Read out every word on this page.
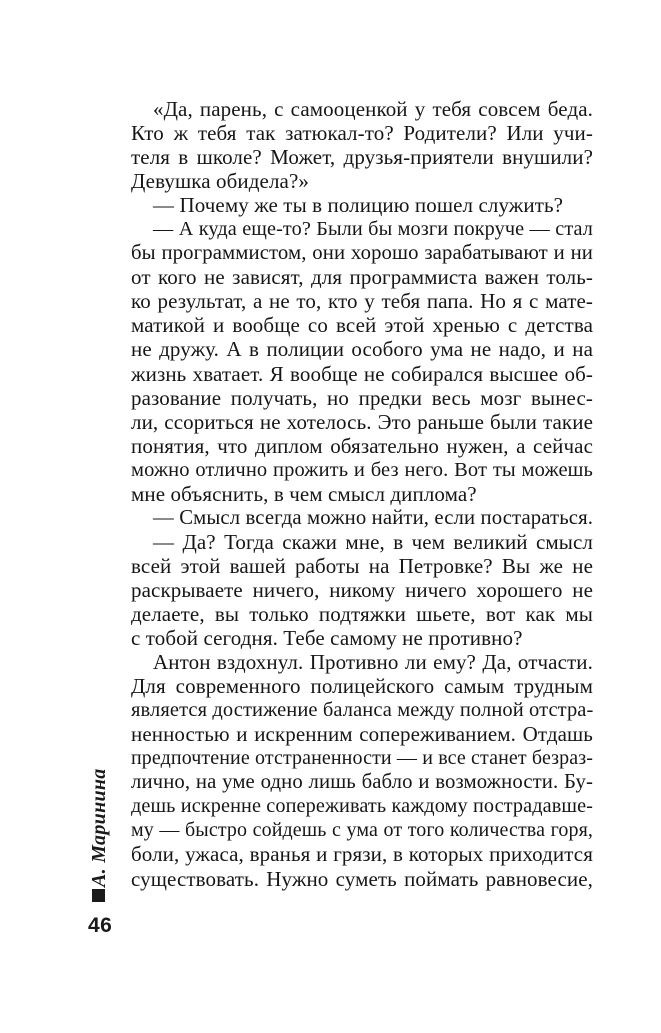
«Да, парень, с самооценкой у тебя совсем беда.
Кто ж тебя так затюкал-то? Родители? Или учи-
теля в школе? Может, друзья-приятели внушили?
Девушка обидела?»
— Почему же ты в полицию пошел служить?
— А куда еще-то? Были бы мозги покруче — стал
бы программистом, они хорошо зарабатывают и ни
от кого не зависят, для программиста важен толь-
ко результат, а не то, кто у тебя папа. Но я с мате-
матикой и вообще со всей этой хренью с детства
не дружу. А в полиции особого ума не надо, и на
жизнь хватает. Я вообще не собирался высшее об-
разование получать, но предки весь мозг вынес-
ли, ссориться не хотелось. Это раньше были такие
понятия, что диплом обязательно нужен, а сейчас
можно отлично прожить и без него. Вот ты можешь
мне объяснить, в чем смысл диплома?
— Смысл всегда можно найти, если постараться.
— Да? Тогда скажи мне, в чем великий смысл
всей этой вашей работы на Петровке? Вы же не
раскрываете ничего, никому ничего хорошего не
делаете, вы только подтяжки шьете, вот как мы
с тобой сегодня. Тебе самому не противно?
Антон вздохнул. Противно ли ему? Да, отчасти.
Для современного полицейского самым трудным
является достижение баланса между полной отстра-
ненностью и искренним сопереживанием. Отдашь
предпочтение отстраненности — и все станет безраз-
лично, на уме одно лишь бабло и возможности. Бу-
дешь искренне сопереживать каждому пострадавше-
му — быстро сойдешь с ума от того количества горя,
боли, ужаса, вранья и грязи, в которых приходится
существовать. Нужно суметь поймать равновесие,
А. Маринина
46
